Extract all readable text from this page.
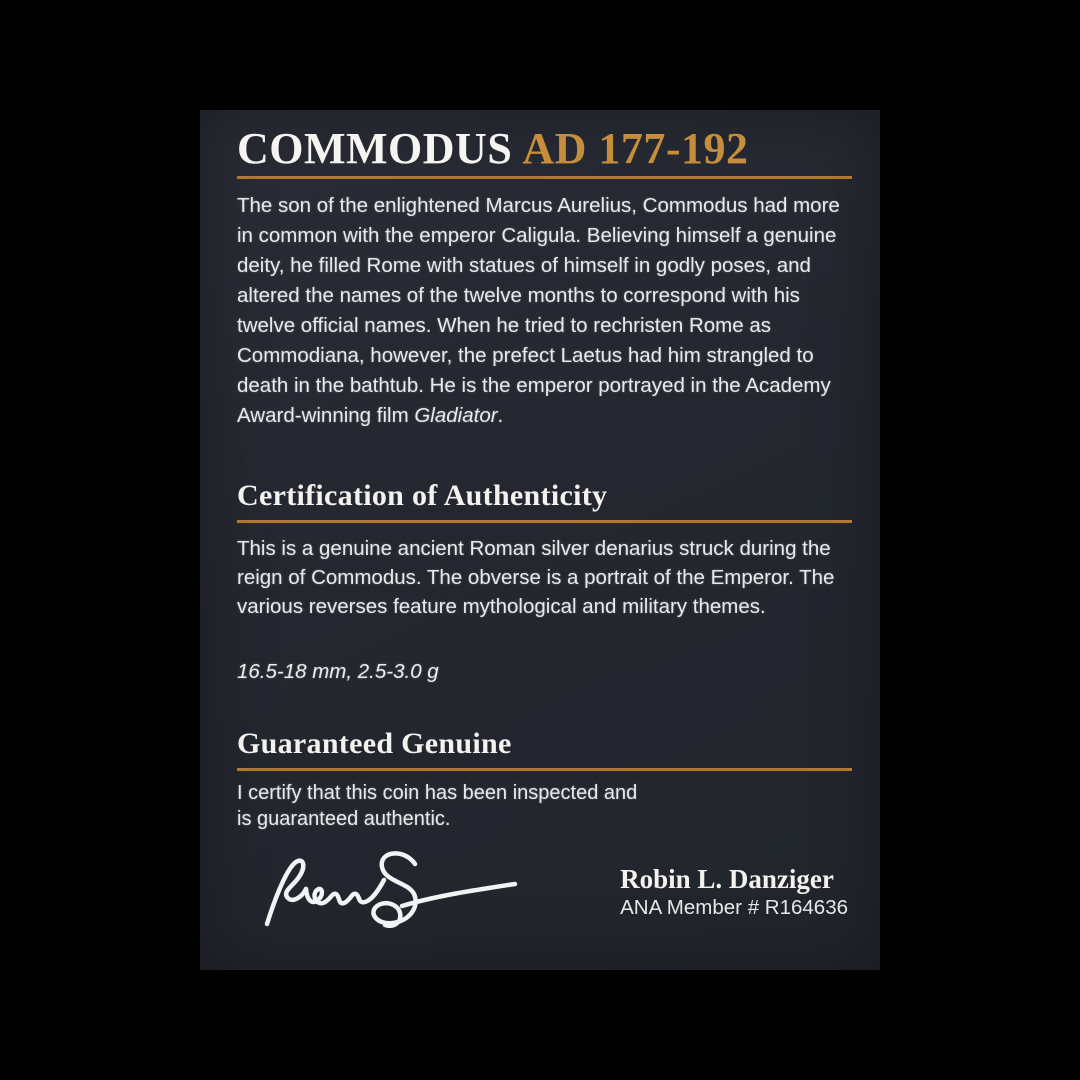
COMMODUS AD 177-192
The son of the enlightened Marcus Aurelius, Commodus had more
in common with the emperor Caligula. Believing himself a genuine
deity, he filled Rome with statues of himself in godly poses, and
altered the names of the twelve months to correspond with his
twelve official names. When he tried to rechristen Rome as
Commodiana, however, the prefect Laetus had him strangled to
death in the bathtub. He is the emperor portrayed in the Academy
Award-winning film Gladiator.
Certification of Authenticity
This is a genuine ancient Roman silver denarius struck during the
reign of Commodus. The obverse is a portrait of the Emperor. The
various reverses feature mythological and military themes.
16.5-18 mm, 2.5-3.0 g
Guaranteed Genuine
I certify that this coin has been inspected and
is guaranteed authentic.
Robin L. Danziger
ANA Member # R164636
